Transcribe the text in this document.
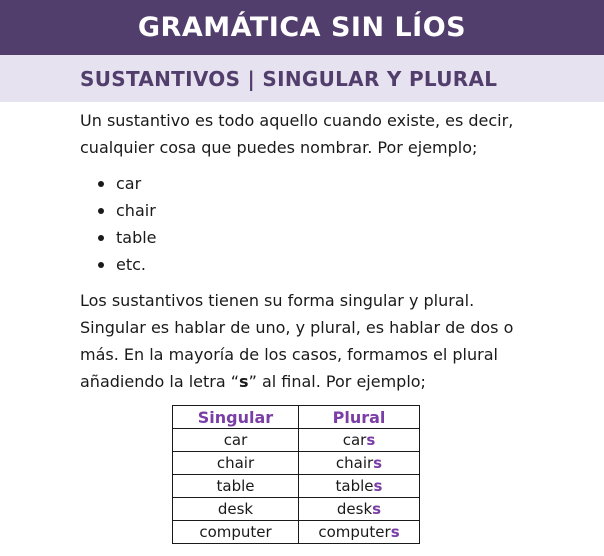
GRAMÁTICA SIN LÍOS
SUSTANTIVOS | SINGULAR Y PLURAL

Un sustantivo es todo aquello cuando existe, es decir, cualquier cosa que puedes nombrar. Por ejemplo;

car
chair
table
etc.

Los sustantivos tienen su forma singular y plural. Singular es hablar de uno, y plural, es hablar de dos o más. En la mayoría de los casos, formamos el plural añadiendo la letra “s” al final. Por ejemplo;

Singular	Plural
car	cars
chair	chairs
table	tables
desk	desks
computer	computers
